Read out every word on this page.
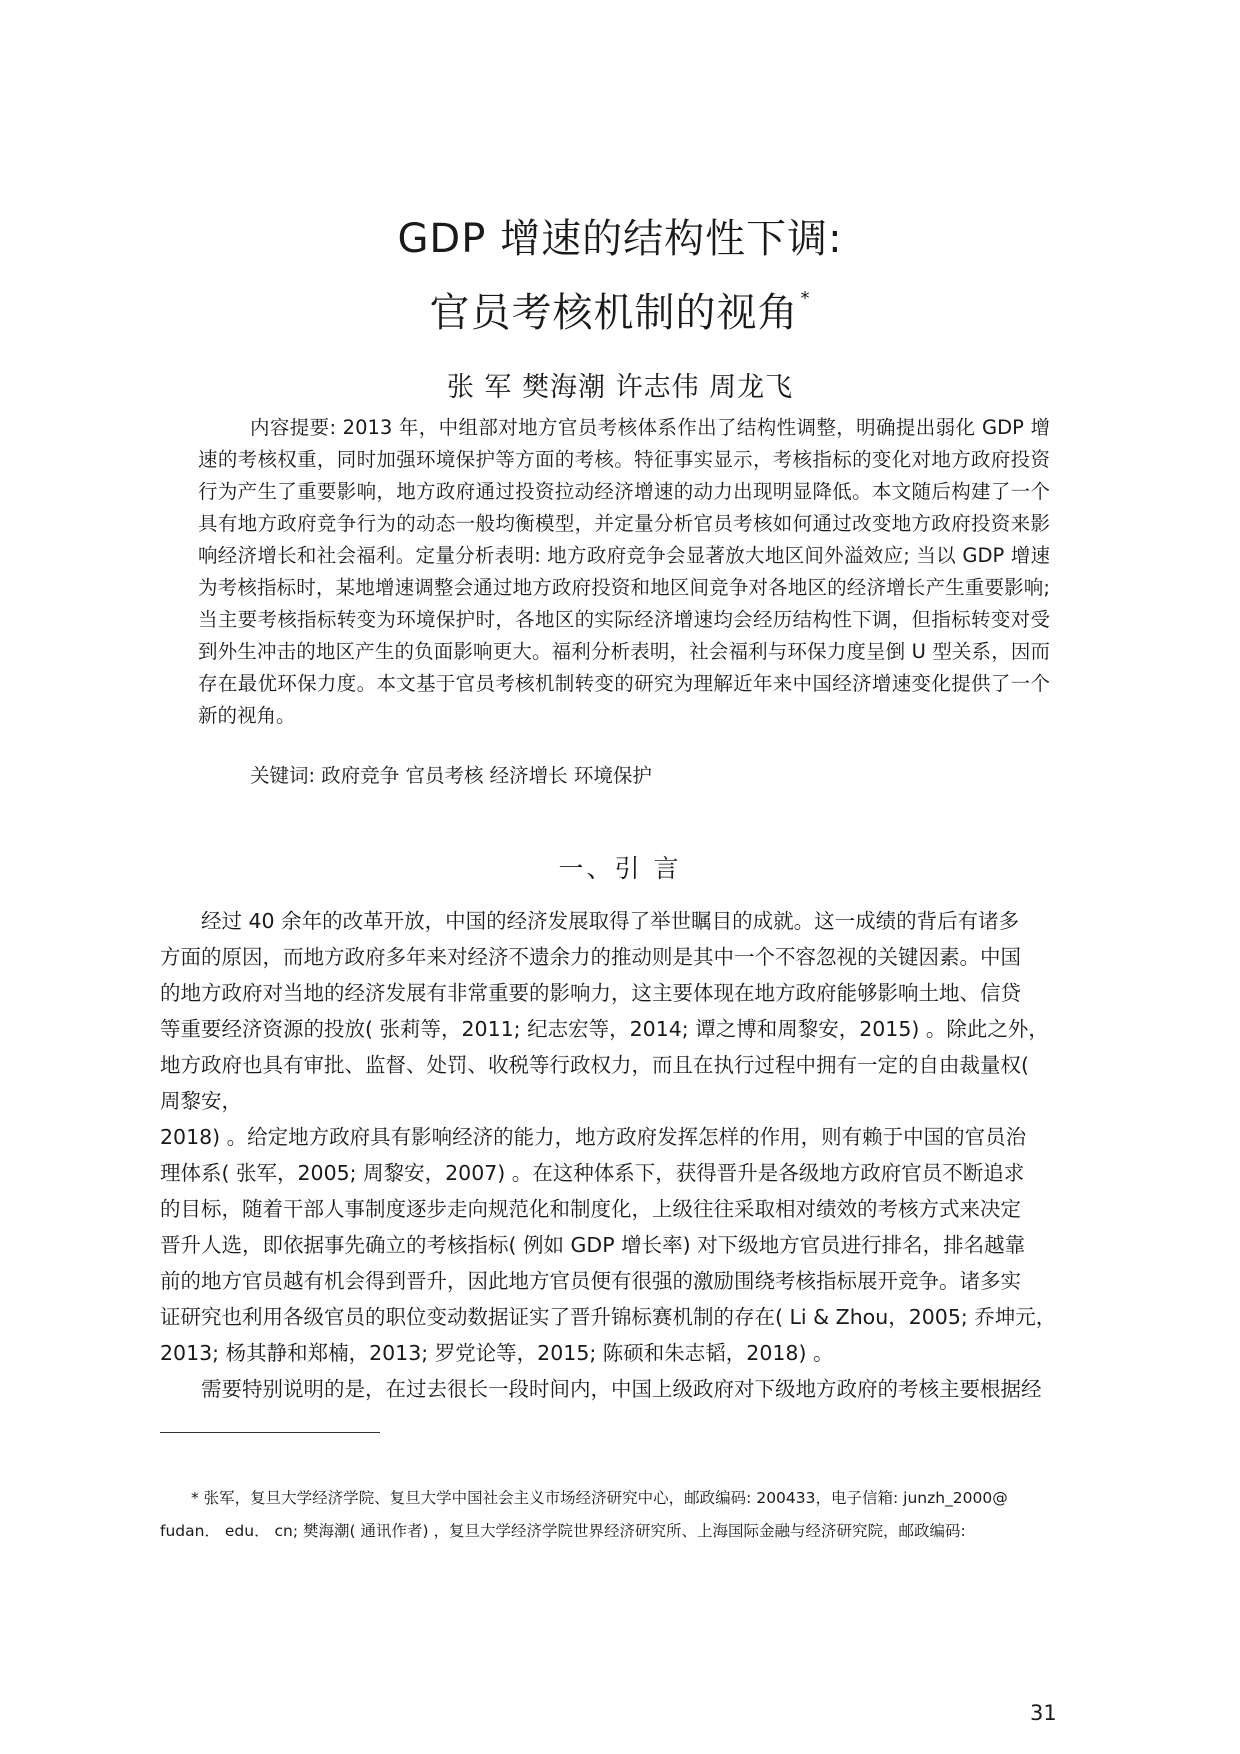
GDP 增速的结构性下调:
官员考核机制的视角 *
张 军 樊海潮 许志伟 周龙飞
内容提要: 2013 年，中组部对地方官员考核体系作出了结构性调整，明确提出弱化 GDP 增速的考核权重，同时加强环境保护等方面的考核。特征事实显示，考核指标的变化对地方政府投资行为产生了重要影响，地方政府通过投资拉动经济增速的动力出现明显降低。本文随后构建了一个具有地方政府竞争行为的动态一般均衡模型，并定量分析官员考核如何通过改变地方政府投资来影响经济增长和社会福利。定量分析表明: 地方政府竞争会显著放大地区间外溢效应; 当以 GDP 增速为考核指标时，某地增速调整会通过地方政府投资和地区间竞争对各地区的经济增长产生重要影响; 当主要考核指标转变为环境保护时，各地区的实际经济增速均会经历结构性下调，但指标转变对受到外生冲击的地区产生的负面影响更大。福利分析表明，社会福利与环保力度呈倒 U 型关系，因而存在最优环保力度。本文基于官员考核机制转变的研究为理解近年来中国经济增速变化提供了一个新的视角。
关键词: 政府竞争 官员考核 经济增长 环境保护
一、引 言
　　经过 40 余年的改革开放，中国的经济发展取得了举世瞩目的成就。这一成绩的背后有诸多
方面的原因，而地方政府多年来对经济不遗余力的推动则是其中一个不容忽视的关键因素。中国
的地方政府对当地的经济发展有非常重要的影响力，这主要体现在地方政府能够影响土地、信贷
等重要经济资源的投放( 张莉等，2011; 纪志宏等，2014; 谭之博和周黎安，2015) 。除此之外，
地方政府也具有审批、监督、处罚、收税等行政权力，而且在执行过程中拥有一定的自由裁量权(
周黎安，
2018) 。给定地方政府具有影响经济的能力，地方政府发挥怎样的作用，则有赖于中国的官员治
理体系( 张军，2005; 周黎安，2007) 。在这种体系下，获得晋升是各级地方政府官员不断追求
的目标，随着干部人事制度逐步走向规范化和制度化，上级往往采取相对绩效的考核方式来决定
晋升人选，即依据事先确立的考核指标( 例如 GDP 增长率) 对下级地方官员进行排名，排名越靠
前的地方官员越有机会得到晋升，因此地方官员便有很强的激励围绕考核指标展开竞争。诸多实
证研究也利用各级官员的职位变动数据证实了晋升锦标赛机制的存在( Li & Zhou，2005; 乔坤元，
2013; 杨其静和郑楠，2013; 罗党论等，2015; 陈硕和朱志韬，2018) 。
　　需要特别说明的是，在过去很长一段时间内，中国上级政府对下级地方政府的考核主要根据经
　　* 张军，复旦大学经济学院、复旦大学中国社会主义市场经济研究中心，邮政编码: 200433，电子信箱: junzh_2000@
fudan． edu． cn; 樊海潮( 通讯作者) ，复旦大学经济学院世界经济研究所、上海国际金融与经济研究院，邮政编码:
31
